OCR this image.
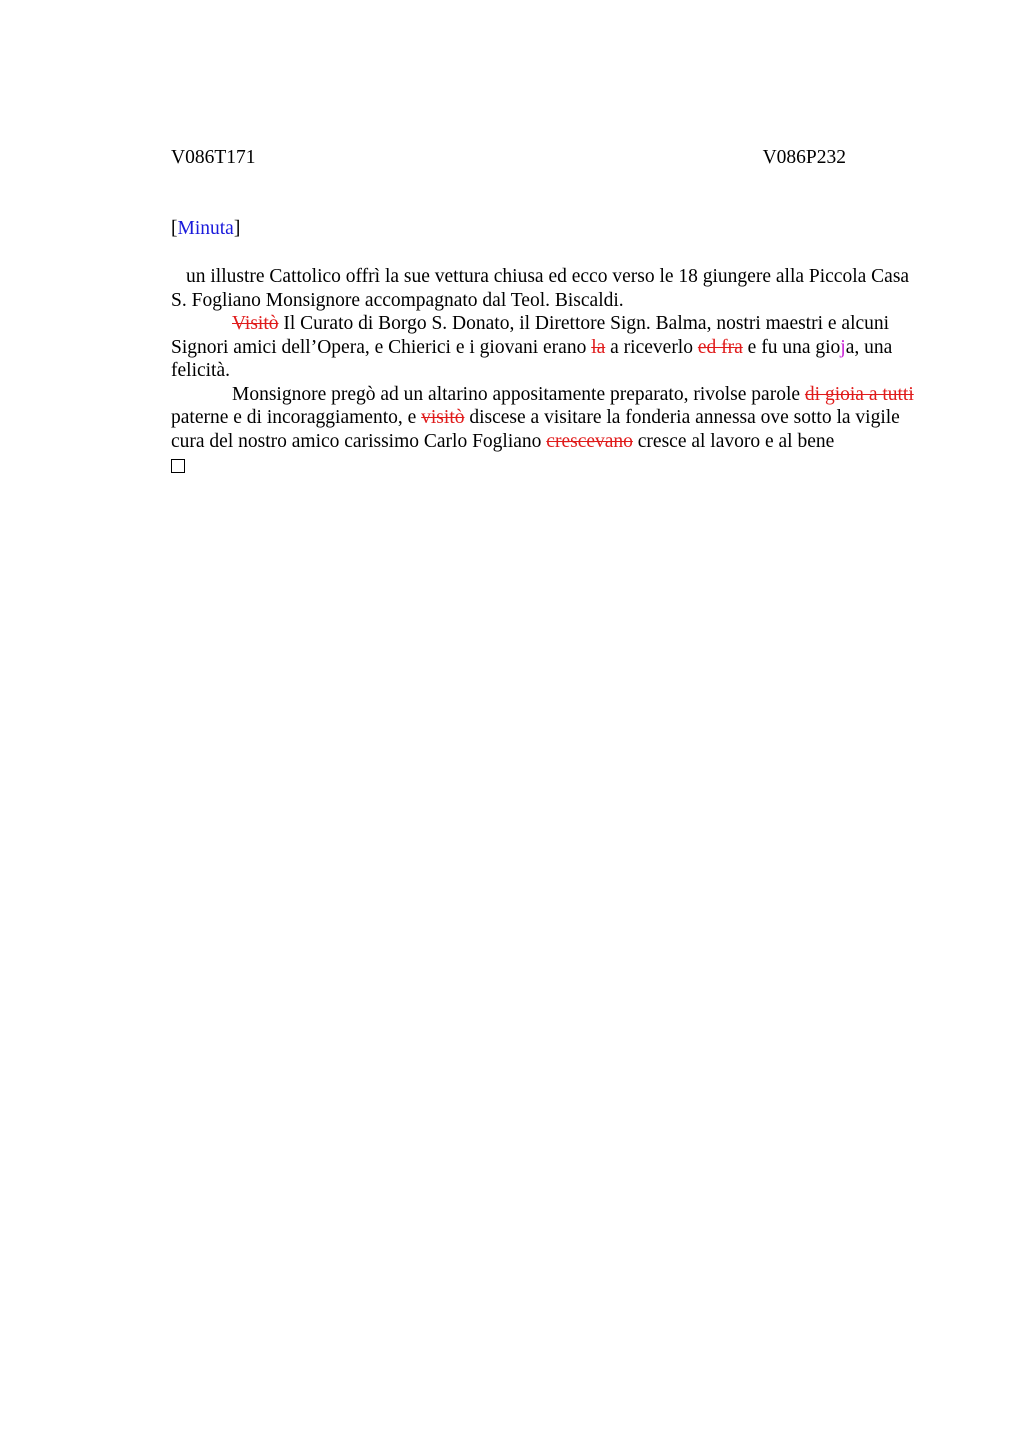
V086T171	V086P232
[Minuta]

un illustre Cattolico offrì la sue vettura chiusa ed ecco verso le 18 giungere alla Piccola Casa S. Fogliano Monsignore accompagnato dal Teol. Biscaldi.

Visitò Il Curato di Borgo S. Donato, il Direttore Sign. Balma, nostri maestri e alcuni Signori amici dell’Opera, e Chierici e i giovani erano la a riceverlo ed fra e fu una gioja, una felicità.

Monsignore pregò ad un altarino appositamente preparato, rivolse parole di gioia a tutti paterne e di incoraggiamento, e visitò discese a visitare la fonderia annessa ove sotto la vigile cura del nostro amico carissimo Carlo Fogliano crescevano cresce al lavoro e al bene
